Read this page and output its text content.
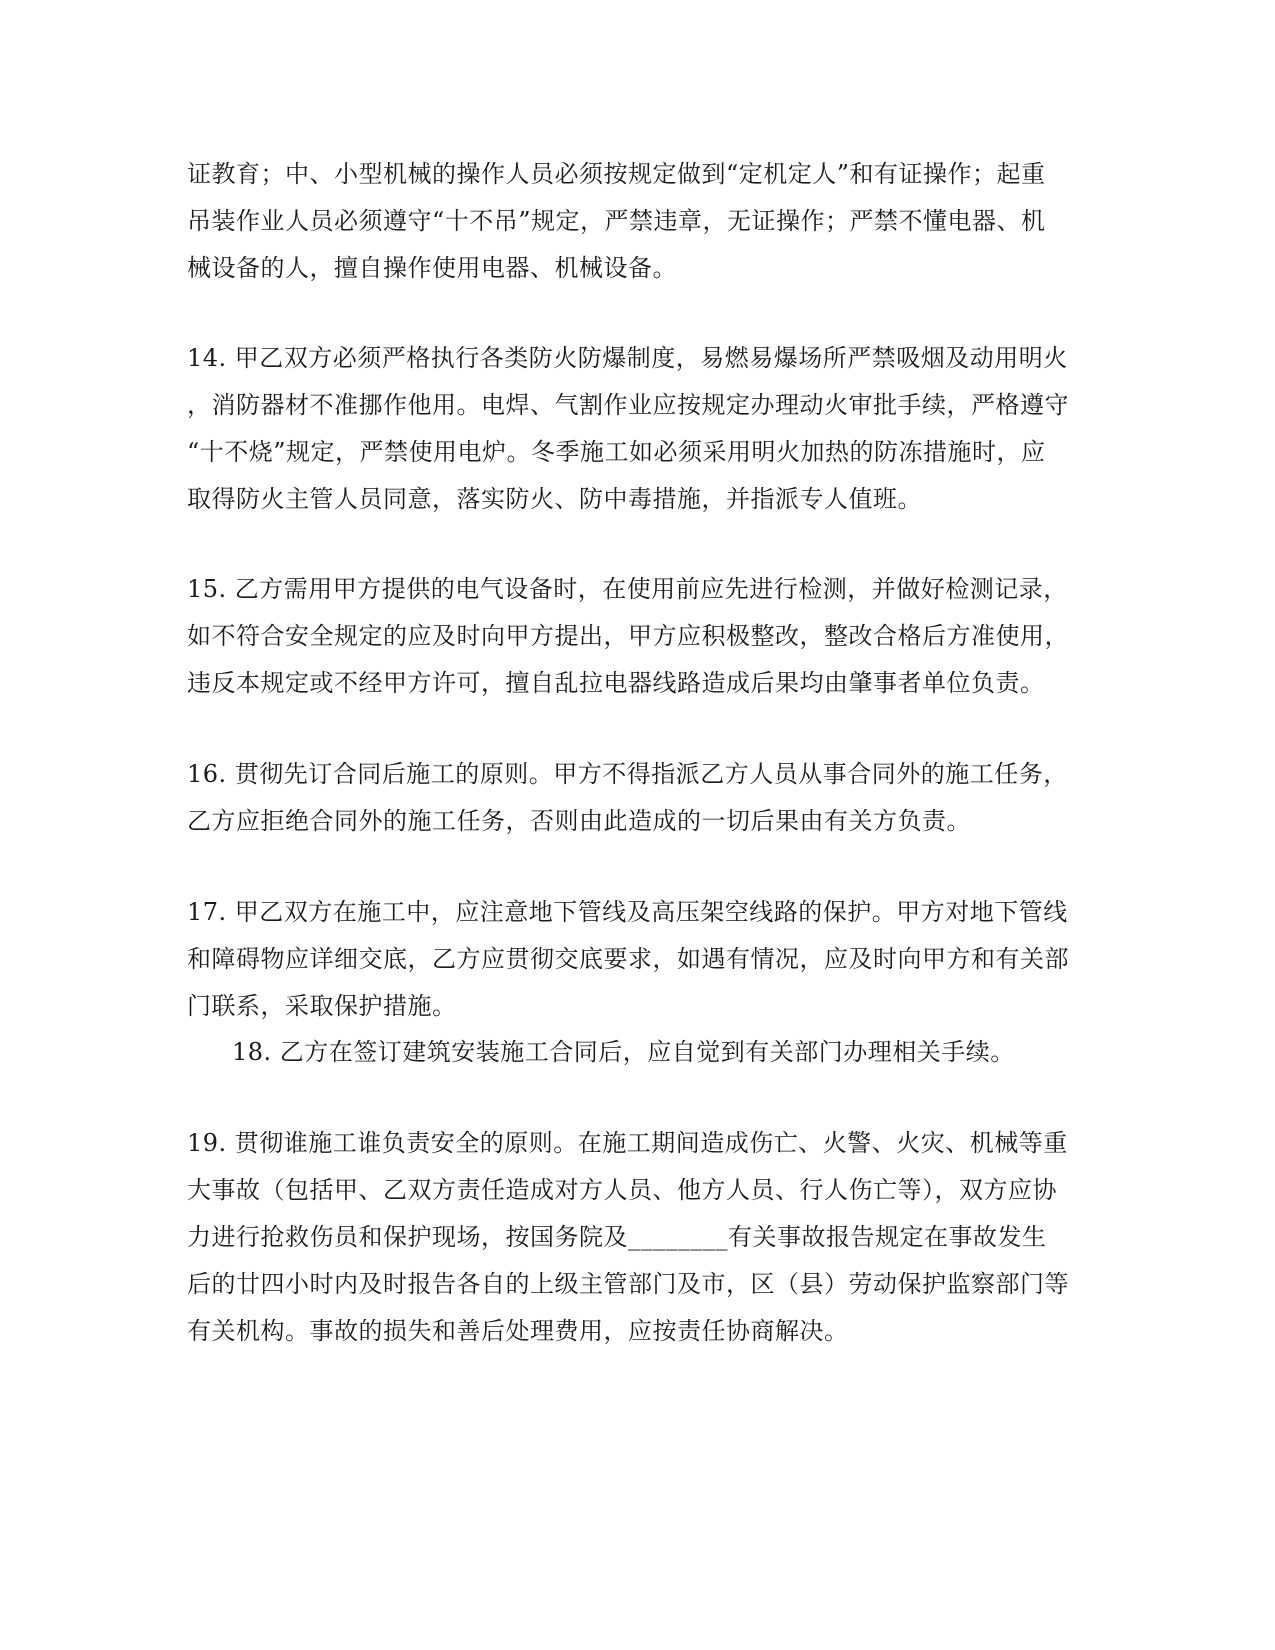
证教育；中、小型机械的操作人员必须按规定做到“定机定人”和有证操作；起重
吊装作业人员必须遵守“十不吊”规定，严禁违章，无证操作；严禁不懂电器、机
械设备的人，擅自操作使用电器、机械设备。
14. 甲乙双方必须严格执行各类防火防爆制度，易燃易爆场所严禁吸烟及动用明火
，消防器材不准挪作他用。电焊、气割作业应按规定办理动火审批手续，严格遵守
“十不烧”规定，严禁使用电炉。冬季施工如必须采用明火加热的防冻措施时，应
取得防火主管人员同意，落实防火、防中毒措施，并指派专人值班。
15. 乙方需用甲方提供的电气设备时，在使用前应先进行检测，并做好检测记录，
如不符合安全规定的应及时向甲方提出，甲方应积极整改，整改合格后方准使用，
违反本规定或不经甲方许可，擅自乱拉电器线路造成后果均由肇事者单位负责。
16. 贯彻先订合同后施工的原则。甲方不得指派乙方人员从事合同外的施工任务，
乙方应拒绝合同外的施工任务，否则由此造成的一切后果由有关方负责。
17. 甲乙双方在施工中，应注意地下管线及高压架空线路的保护。甲方对地下管线
和障碍物应详细交底，乙方应贯彻交底要求，如遇有情况，应及时向甲方和有关部
门联系，采取保护措施。
18. 乙方在签订建筑安装施工合同后，应自觉到有关部门办理相关手续。
19. 贯彻谁施工谁负责安全的原则。在施工期间造成伤亡、火警、火灾、机械等重
大事故（包括甲、乙双方责任造成对方人员、他方人员、行人伤亡等），双方应协
力进行抢救伤员和保护现场，按国务院及________有关事故报告规定在事故发生
后的廿四小时内及时报告各自的上级主管部门及市，区（县）劳动保护监察部门等
有关机构。事故的损失和善后处理费用，应按责任协商解决。
